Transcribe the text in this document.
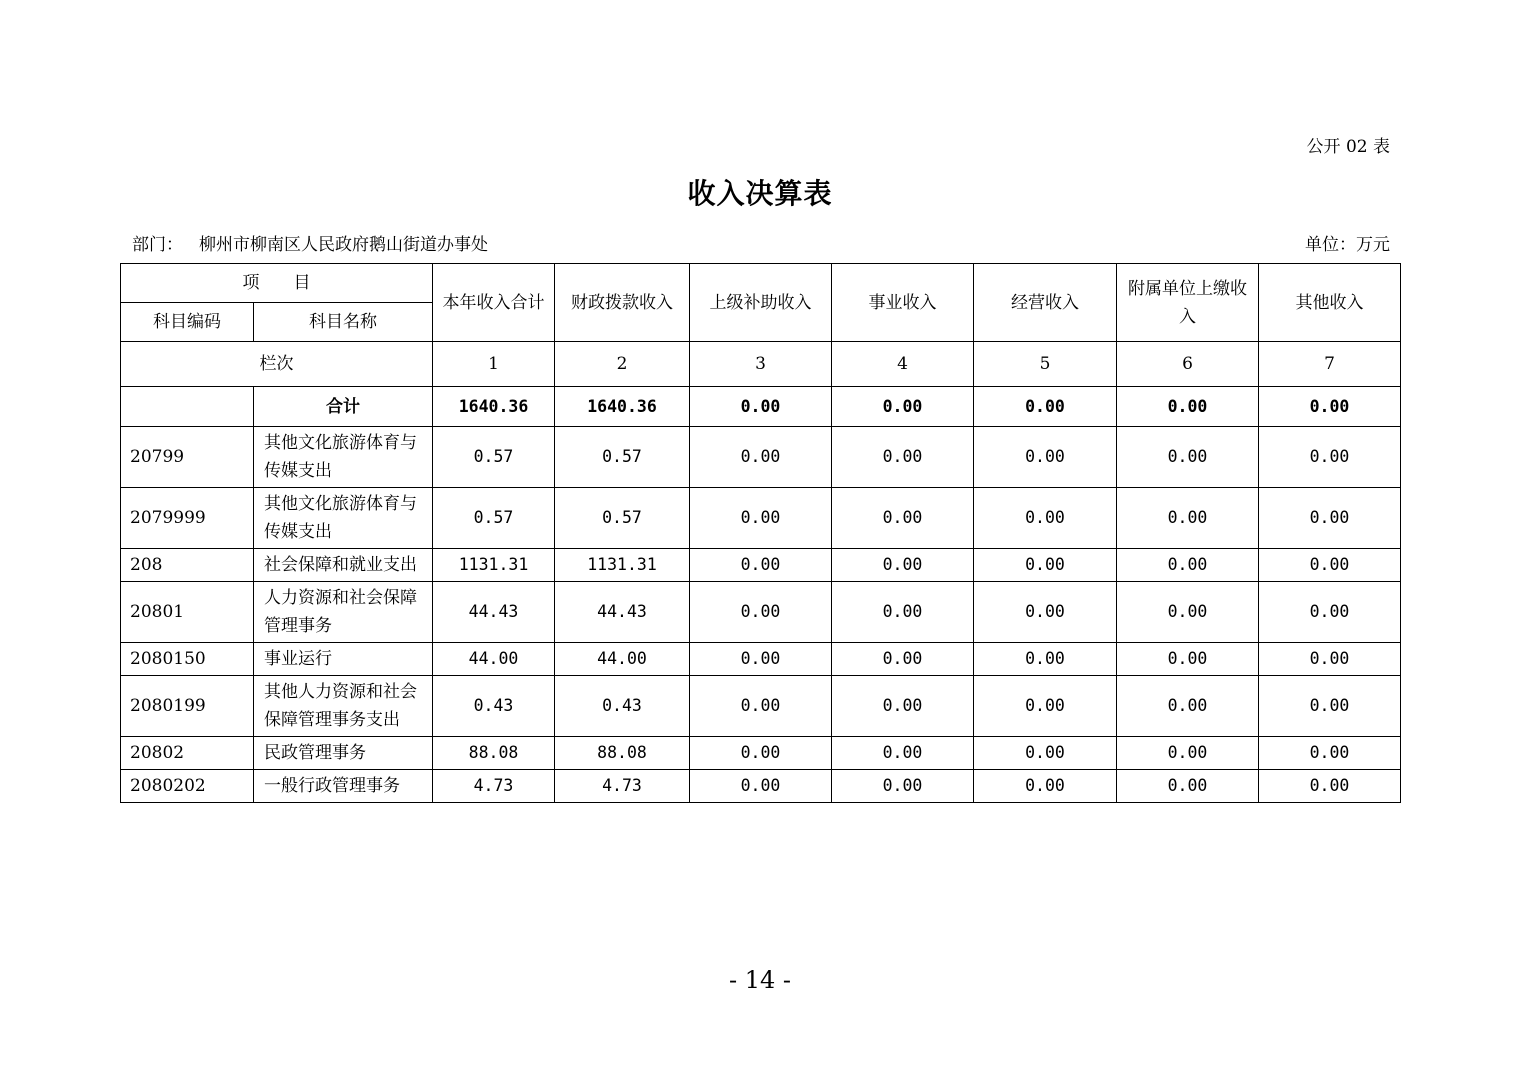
公开 02 表
收入决算表
部门： 柳州市柳南区人民政府鹅山街道办事处	单位：万元
项　　目		本年收入合计	财政拨款收入	上级补助收入	事业收入	经营收入	附属单位上缴收入	其他收入
科目编码	科目名称							
栏次		1	2	3	4	5	6	7
	合计	1640.36	1640.36	0.00	0.00	0.00	0.00	0.00
20799	其他文化旅游体育与传媒支出	0.57	0.57	0.00	0.00	0.00	0.00	0.00
2079999	其他文化旅游体育与传媒支出	0.57	0.57	0.00	0.00	0.00	0.00	0.00
208	社会保障和就业支出	1131.31	1131.31	0.00	0.00	0.00	0.00	0.00
20801	人力资源和社会保障管理事务	44.43	44.43	0.00	0.00	0.00	0.00	0.00
2080150	事业运行	44.00	44.00	0.00	0.00	0.00	0.00	0.00
2080199	其他人力资源和社会保障管理事务支出	0.43	0.43	0.00	0.00	0.00	0.00	0.00
20802	民政管理事务	88.08	88.08	0.00	0.00	0.00	0.00	0.00
2080202	一般行政管理事务	4.73	4.73	0.00	0.00	0.00	0.00	0.00
- 14 -
